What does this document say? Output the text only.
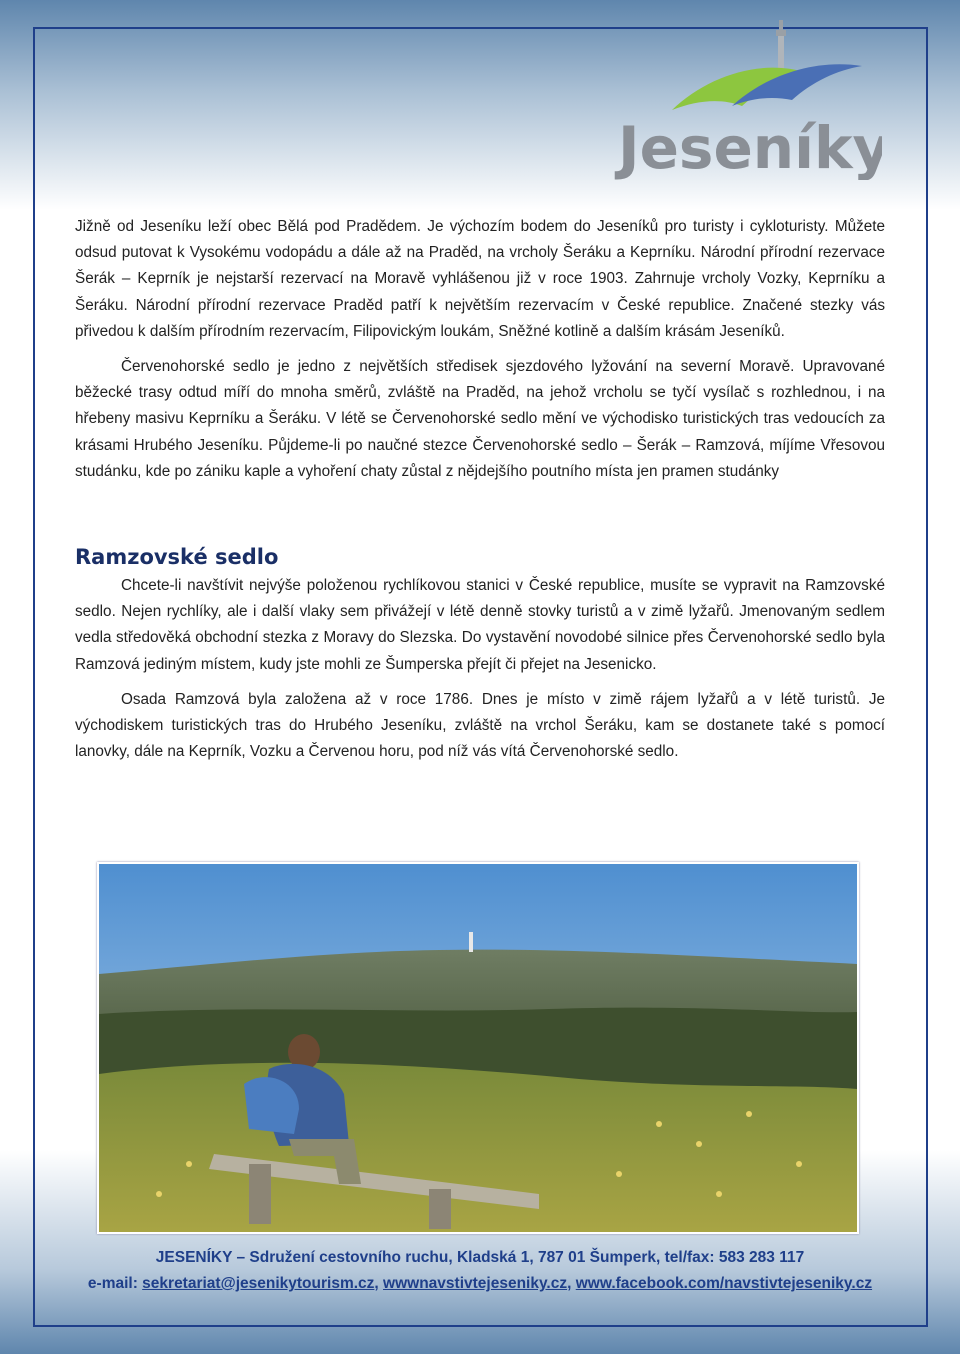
Jeseníky

Jižně od Jeseníku leží obec Bělá pod Pradědem. Je výchozím bodem do Jeseníků pro turisty i cykloturisty. Můžete odsud putovat k Vysokému vodopádu a dále až na Praděd, na vrcholy Šeráku a Keprníku. Národní přírodní rezervace Šerák – Keprník je nejstarší rezervací na Moravě vyhlášenou již v roce 1903. Zahrnuje vrcholy Vozky, Keprníku a Šeráku. Národní přírodní rezervace Praděd patří k největším rezervacím v České republice. Značené stezky vás přivedou k dalším přírodním rezervacím, Filipovickým loukám, Sněžné kotlině a dalším krásám Jeseníků.

Červenohorské sedlo je jedno z největších středisek sjezdového lyžování na severní Moravě. Upravované běžecké trasy odtud míří do mnoha směrů, zvláště na Praděd, na jehož vrcholu se tyčí vysílač s rozhlednou, i na hřebeny masivu Keprníku a Šeráku. V létě se Červenohorské sedlo mění ve východisko turistických tras vedoucích za krásami Hrubého Jeseníku. Půjdeme-li po naučné stezce Červenohorské sedlo – Šerák – Ramzová, míjíme Vřesovou studánku, kde po zániku kaple a vyhoření chaty zůstal z nějdejšího poutního místa jen pramen studánky

Ramzovské sedlo

Chcete-li navštívit nejvýše položenou rychlíkovou stanici v České republice, musíte se vypravit na Ramzovské sedlo. Nejen rychlíky, ale i další vlaky sem přivážejí v létě denně stovky turistů a v zimě lyžařů. Jmenovaným sedlem vedla středověká obchodní stezka z Moravy do Slezska. Do vystavění novodobé silnice přes Červenohorské sedlo byla Ramzová jediným místem, kudy jste mohli ze Šumperska přejít či přejet na Jesenicko.

Osada Ramzová byla založena až v roce 1786. Dnes je místo v zimě rájem lyžařů a v létě turistů. Je východiskem turistických tras do Hrubého Jeseníku, zvláště na vrchol Šeráku, kam se dostanete také s pomocí lanovky, dále na Keprník, Vozku a Červenou horu, pod níž vás vítá Červenohorské sedlo.

JESENÍKY – Sdružení cestovního ruchu, Kladská 1, 787 01 Šumperk, tel/fax: 583 283 117
e-mail: sekretariat@jesenikytourism.cz, wwwnavstivtejeseniky.cz, www.facebook.com/navstivtejeseniky.cz
